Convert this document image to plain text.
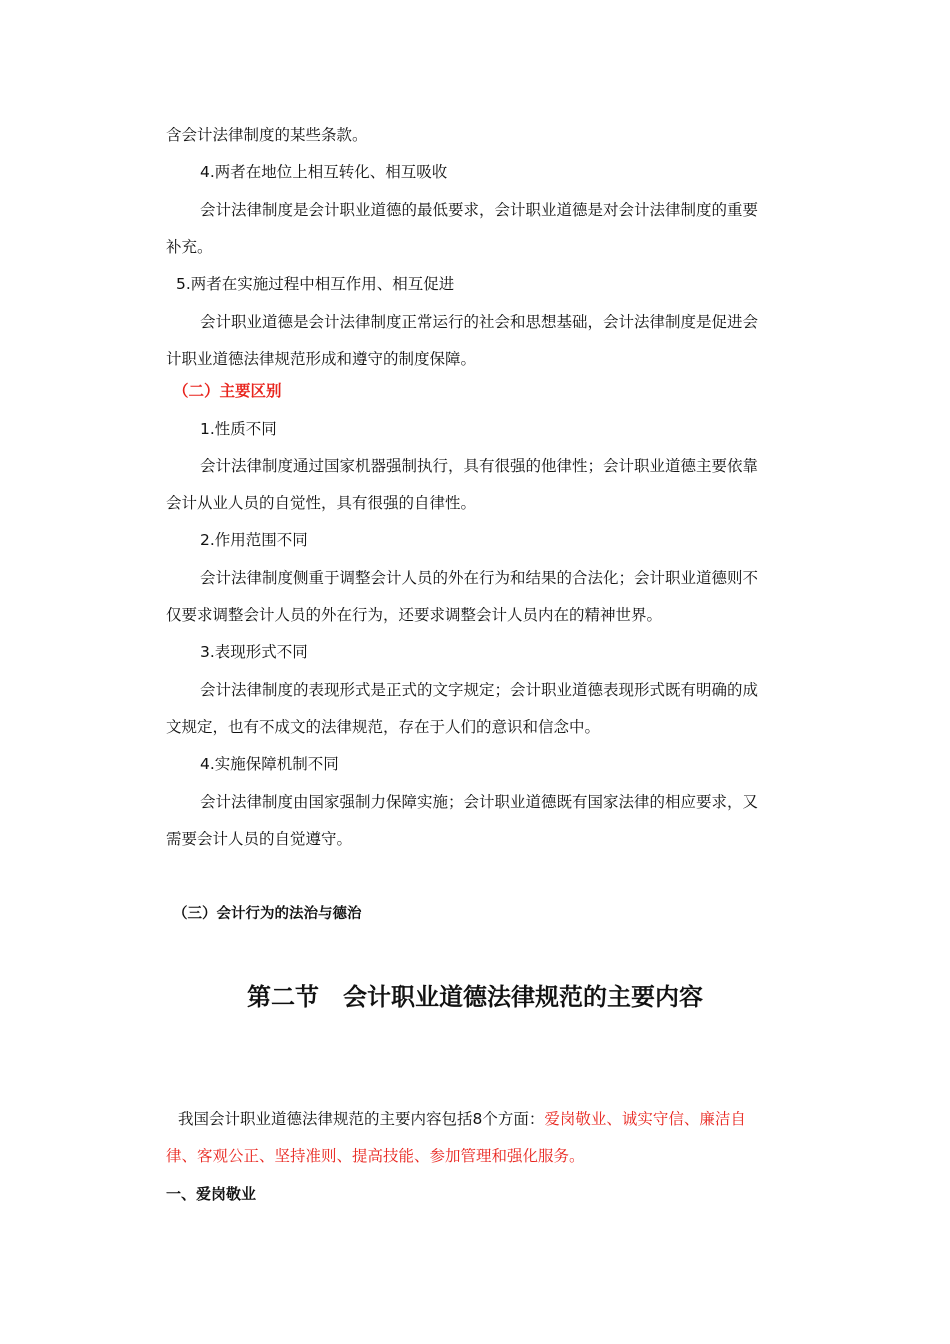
含会计法律制度的某些条款。
4.两者在地位上相互转化、相互吸收
会计法律制度是会计职业道德的最低要求，会计职业道德是对会计法律制度的重要
补充。
5.两者在实施过程中相互作用、相互促进
会计职业道德是会计法律制度正常运行的社会和思想基础，会计法律制度是促进会
计职业道德法律规范形成和遵守的制度保障。
（二）主要区别
1.性质不同
会计法律制度通过国家机器强制执行，具有很强的他律性；会计职业道德主要依靠
会计从业人员的自觉性，具有很强的自律性。
2.作用范围不同
会计法律制度侧重于调整会计人员的外在行为和结果的合法化；会计职业道德则不
仅要求调整会计人员的外在行为，还要求调整会计人员内在的精神世界。
3.表现形式不同
会计法律制度的表现形式是正式的文字规定；会计职业道德表现形式既有明确的成
文规定，也有不成文的法律规范，存在于人们的意识和信念中。
4.实施保障机制不同
会计法律制度由国家强制力保障实施；会计职业道德既有国家法律的相应要求，又
需要会计人员的自觉遵守。
（三）会计行为的法治与德治
第二节　会计职业道德法律规范的主要内容
我国会计职业道德法律规范的主要内容包括8个方面：爱岗敬业、诚实守信、廉洁自
律、客观公正、坚持准则、提高技能、参加管理和强化服务。
一、爱岗敬业
